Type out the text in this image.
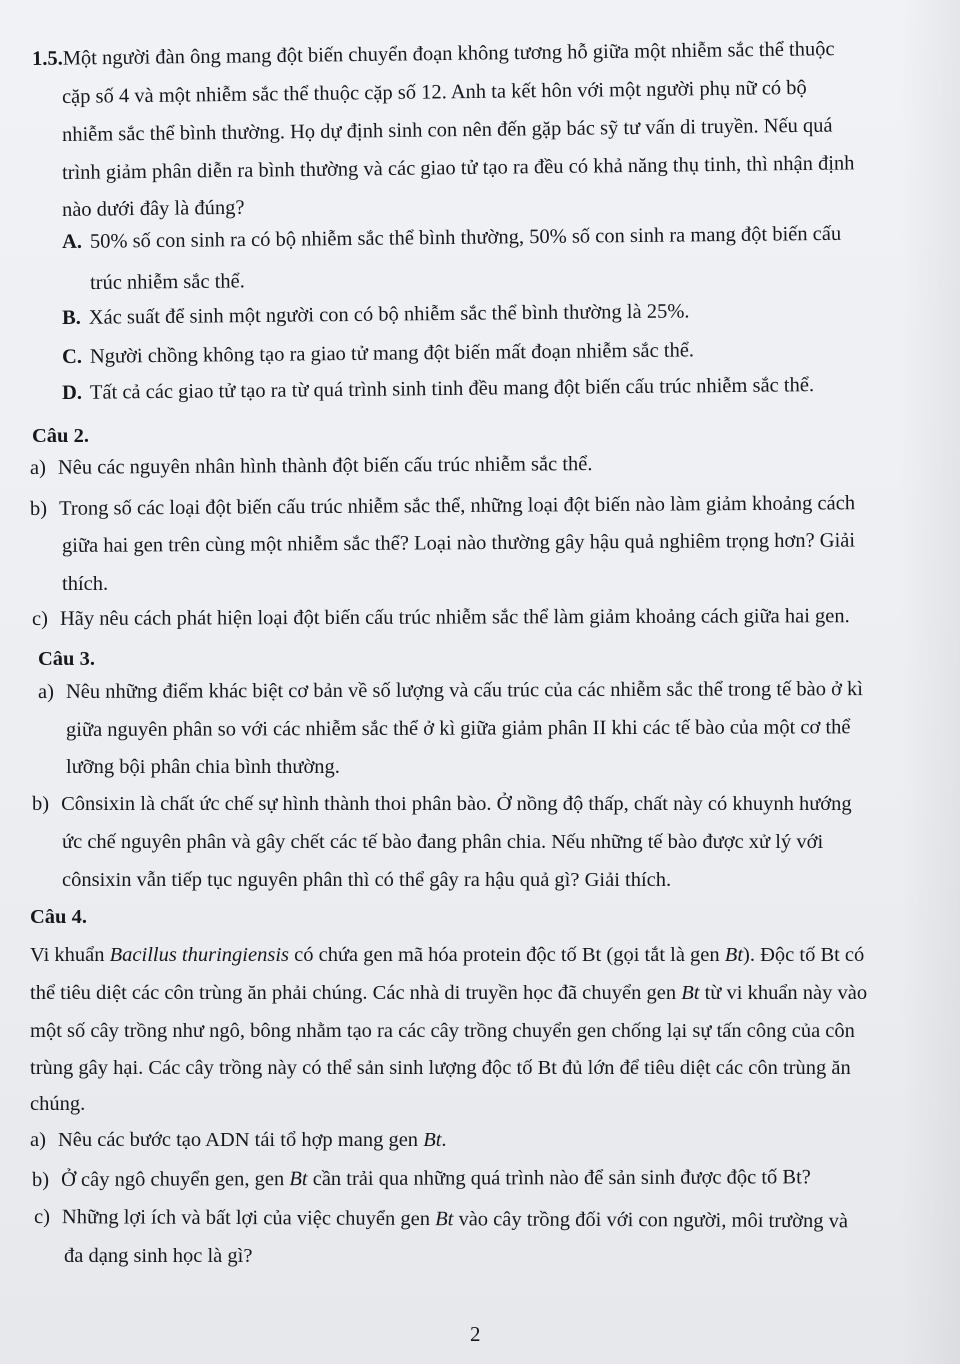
1.5.Một người đàn ông mang đột biến chuyển đoạn không tương hỗ giữa một nhiễm sắc thể thuộc
cặp số 4 và một nhiễm sắc thể thuộc cặp số 12. Anh ta kết hôn với một người phụ nữ có bộ
nhiễm sắc thể bình thường. Họ dự định sinh con nên đến gặp bác sỹ tư vấn di truyền. Nếu quá
trình giảm phân diễn ra bình thường và các giao tử tạo ra đều có khả năng thụ tinh, thì nhận định
nào dưới đây là đúng?
A. 50% số con sinh ra có bộ nhiễm sắc thể bình thường, 50% số con sinh ra mang đột biến cấu
trúc nhiễm sắc thể.
B. Xác suất để sinh một người con có bộ nhiễm sắc thể bình thường là 25%.
C. Người chồng không tạo ra giao tử mang đột biến mất đoạn nhiễm sắc thể.
D. Tất cả các giao tử tạo ra từ quá trình sinh tinh đều mang đột biến cấu trúc nhiễm sắc thể.
Câu 2.
a) Nêu các nguyên nhân hình thành đột biến cấu trúc nhiễm sắc thể.
b) Trong số các loại đột biến cấu trúc nhiễm sắc thể, những loại đột biến nào làm giảm khoảng cách
giữa hai gen trên cùng một nhiễm sắc thể? Loại nào thường gây hậu quả nghiêm trọng hơn? Giải
thích.
c) Hãy nêu cách phát hiện loại đột biến cấu trúc nhiễm sắc thể làm giảm khoảng cách giữa hai gen.
Câu 3.
a) Nêu những điểm khác biệt cơ bản về số lượng và cấu trúc của các nhiễm sắc thể trong tế bào ở kì
giữa nguyên phân so với các nhiễm sắc thể ở kì giữa giảm phân II khi các tế bào của một cơ thể
lưỡng bội phân chia bình thường.
b) Cônsixin là chất ức chế sự hình thành thoi phân bào. Ở nồng độ thấp, chất này có khuynh hướng
ức chế nguyên phân và gây chết các tế bào đang phân chia. Nếu những tế bào được xử lý với
cônsixin vẫn tiếp tục nguyên phân thì có thể gây ra hậu quả gì? Giải thích.
Câu 4.
Vi khuẩn Bacillus thuringiensis có chứa gen mã hóa protein độc tố Bt (gọi tắt là gen Bt). Độc tố Bt có
thể tiêu diệt các côn trùng ăn phải chúng. Các nhà di truyền học đã chuyển gen Bt từ vi khuẩn này vào
một số cây trồng như ngô, bông nhằm tạo ra các cây trồng chuyển gen chống lại sự tấn công của côn
trùng gây hại. Các cây trồng này có thể sản sinh lượng độc tố Bt đủ lớn để tiêu diệt các côn trùng ăn
chúng.
a) Nêu các bước tạo ADN tái tổ hợp mang gen Bt.
b) Ở cây ngô chuyển gen, gen Bt cần trải qua những quá trình nào để sản sinh được độc tố Bt?
c) Những lợi ích và bất lợi của việc chuyển gen Bt vào cây trồng đối với con người, môi trường và
đa dạng sinh học là gì?
2
